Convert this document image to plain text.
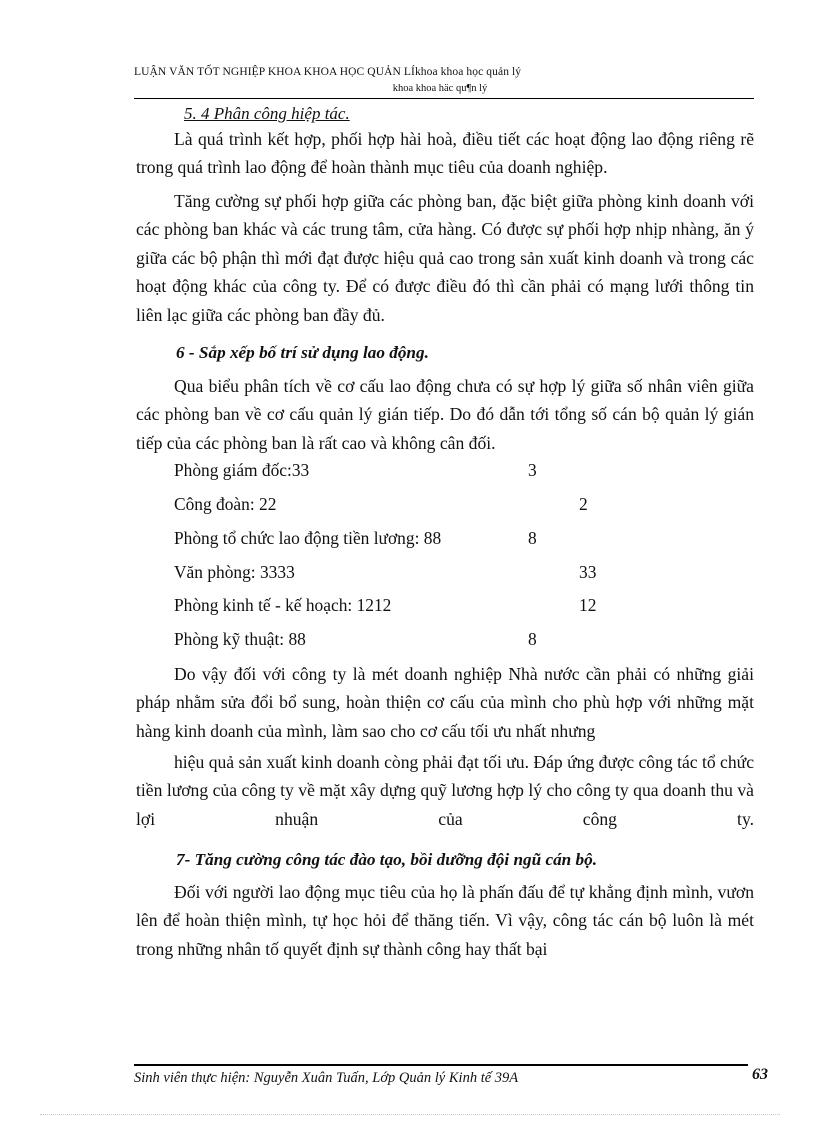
LUẬN VĂN TỐT NGHIỆP KHOA KHOA HỌC QUẢN LÍkhoa khoa học quản lý
khoa khoa häc qu¶n lý
5. 4 Phân công hiệp tác.
Là quá trình kết hợp, phối hợp hài hoà, điều tiết các hoạt động lao động riêng rẽ trong quá trình lao động để hoàn thành mục tiêu của doanh nghiệp.
Tăng cường sự phối hợp giữa các phòng ban, đặc biệt giữa phòng kinh doanh với các phòng ban khác và các trung tâm, cửa hàng. Có được sự phối hợp nhịp nhàng, ăn ý giữa các bộ phận thì mới đạt được hiệu quả cao trong sản xuất kinh doanh và trong các hoạt động khác của công ty. Để có được điều đó thì cần phải có mạng lưới thông tin liên lạc giữa các phòng ban đầy đủ.
6 - Sắp xếp bố trí sử dụng lao động.
Qua biểu phân tích về cơ cấu lao động chưa có sự hợp lý giữa số nhân viên giữa các phòng ban về cơ cấu quản lý gián tiếp. Do đó dẫn tới tổng số cán bộ quản lý gián tiếp của các phòng ban là rất cao và không cân đối.
Phòng giám đốc:33	3
Công đoàn: 22	2
Phòng tổ chức lao động tiền lương: 88	8
Văn phòng: 3333	33
Phòng kinh tế - kế hoạch: 1212	12
Phòng kỹ thuật: 88	8
Do vậy đối với công ty là mét doanh nghiệp Nhà nước cần phải có những giải pháp nhằm sửa đổi bổ sung, hoàn thiện cơ cấu của mình cho phù hợp với những mặt hàng kinh doanh của mình, làm sao cho cơ cấu tối ưu nhất nhưng
hiệu quả sản xuất kinh doanh còng phải đạt tối ưu. Đáp ứng được công tác tổ chức tiền lương của công ty về mặt xây dựng quỹ lương hợp lý cho công ty qua doanh thu và lợi nhuận của công ty.
7- Tăng cường công tác đào tạo, bồi dưỡng đội ngũ cán bộ.
Đối với người lao động mục tiêu của họ là phấn đấu để tự khẳng định mình, vươn lên để hoàn thiện mình, tự học hỏi để thăng tiến. Vì vậy, công tác cán bộ luôn là mét trong những nhân tố quyết định sự thành công hay thất bại
Sinh viên thực hiện: Nguyễn Xuân Tuấn, Lớp Quản lý Kinh tế 39A	63
